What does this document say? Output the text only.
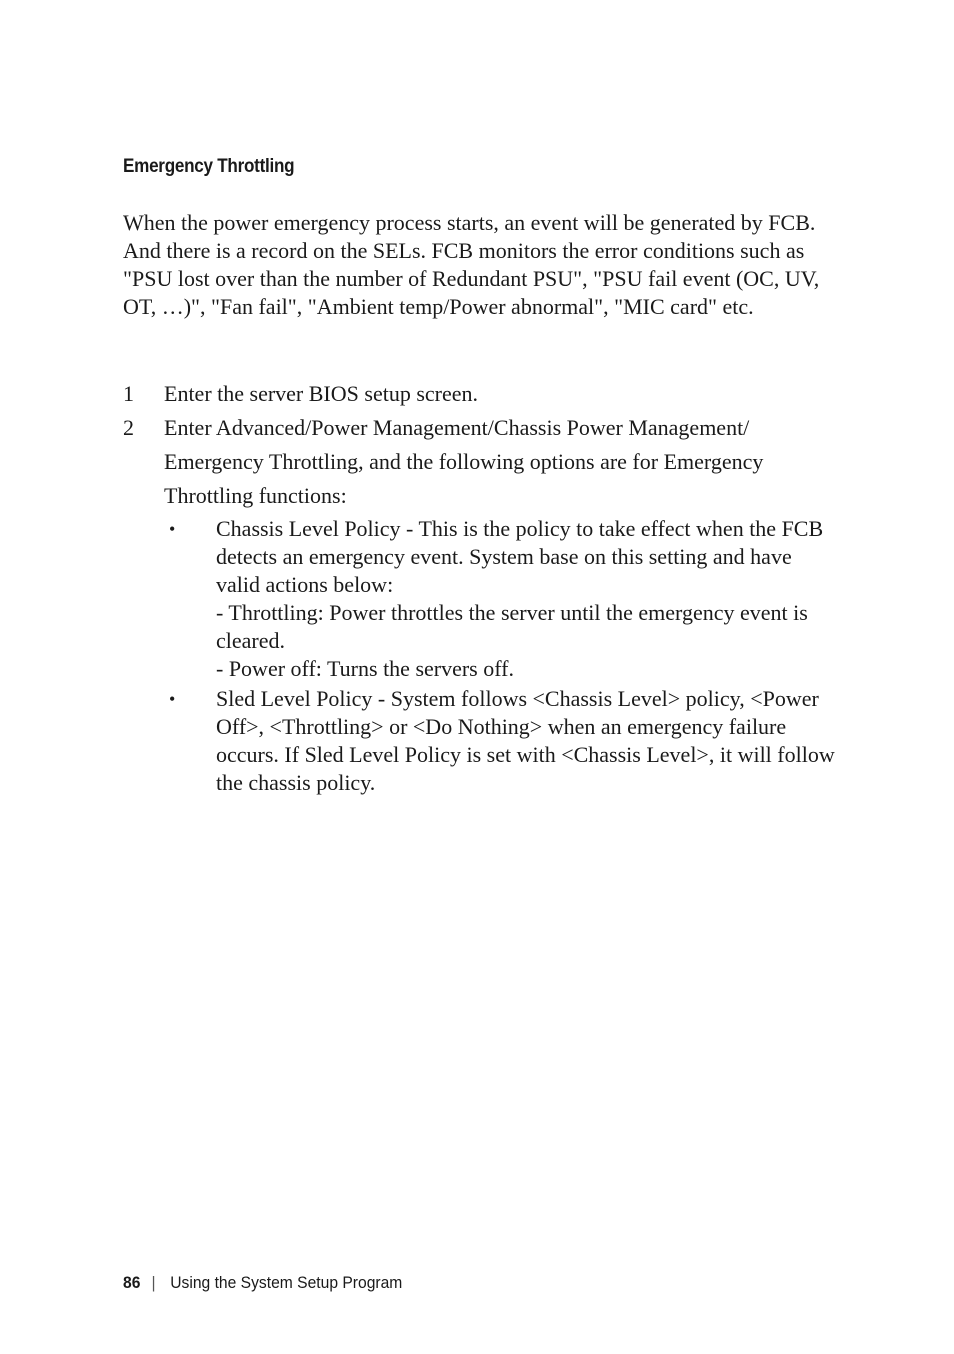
Emergency Throttling

When the power emergency process starts, an event will be generated by FCB. And there is a record on the SELs. FCB monitors the error conditions such as "PSU lost over than the number of Redundant PSU", "PSU fail event (OC, UV, OT, …)", "Fan fail", "Ambient temp/Power abnormal", "MIC card" etc.

1 Enter the server BIOS setup screen.
2 Enter Advanced/Power Management/Chassis Power Management/ Emergency Throttling, and the following options are for Emergency Throttling functions:
• Chassis Level Policy - This is the policy to take effect when the FCB detects an emergency event. System base on this setting and have valid actions below:
- Throttling: Power throttles the server until the emergency event is cleared.
- Power off: Turns the servers off.
• Sled Level Policy - System follows <Chassis Level> policy, <Power Off>, <Throttling> or <Do Nothing> when an emergency failure occurs. If Sled Level Policy is set with <Chassis Level>, it will follow the chassis policy.
86 | Using the System Setup Program
